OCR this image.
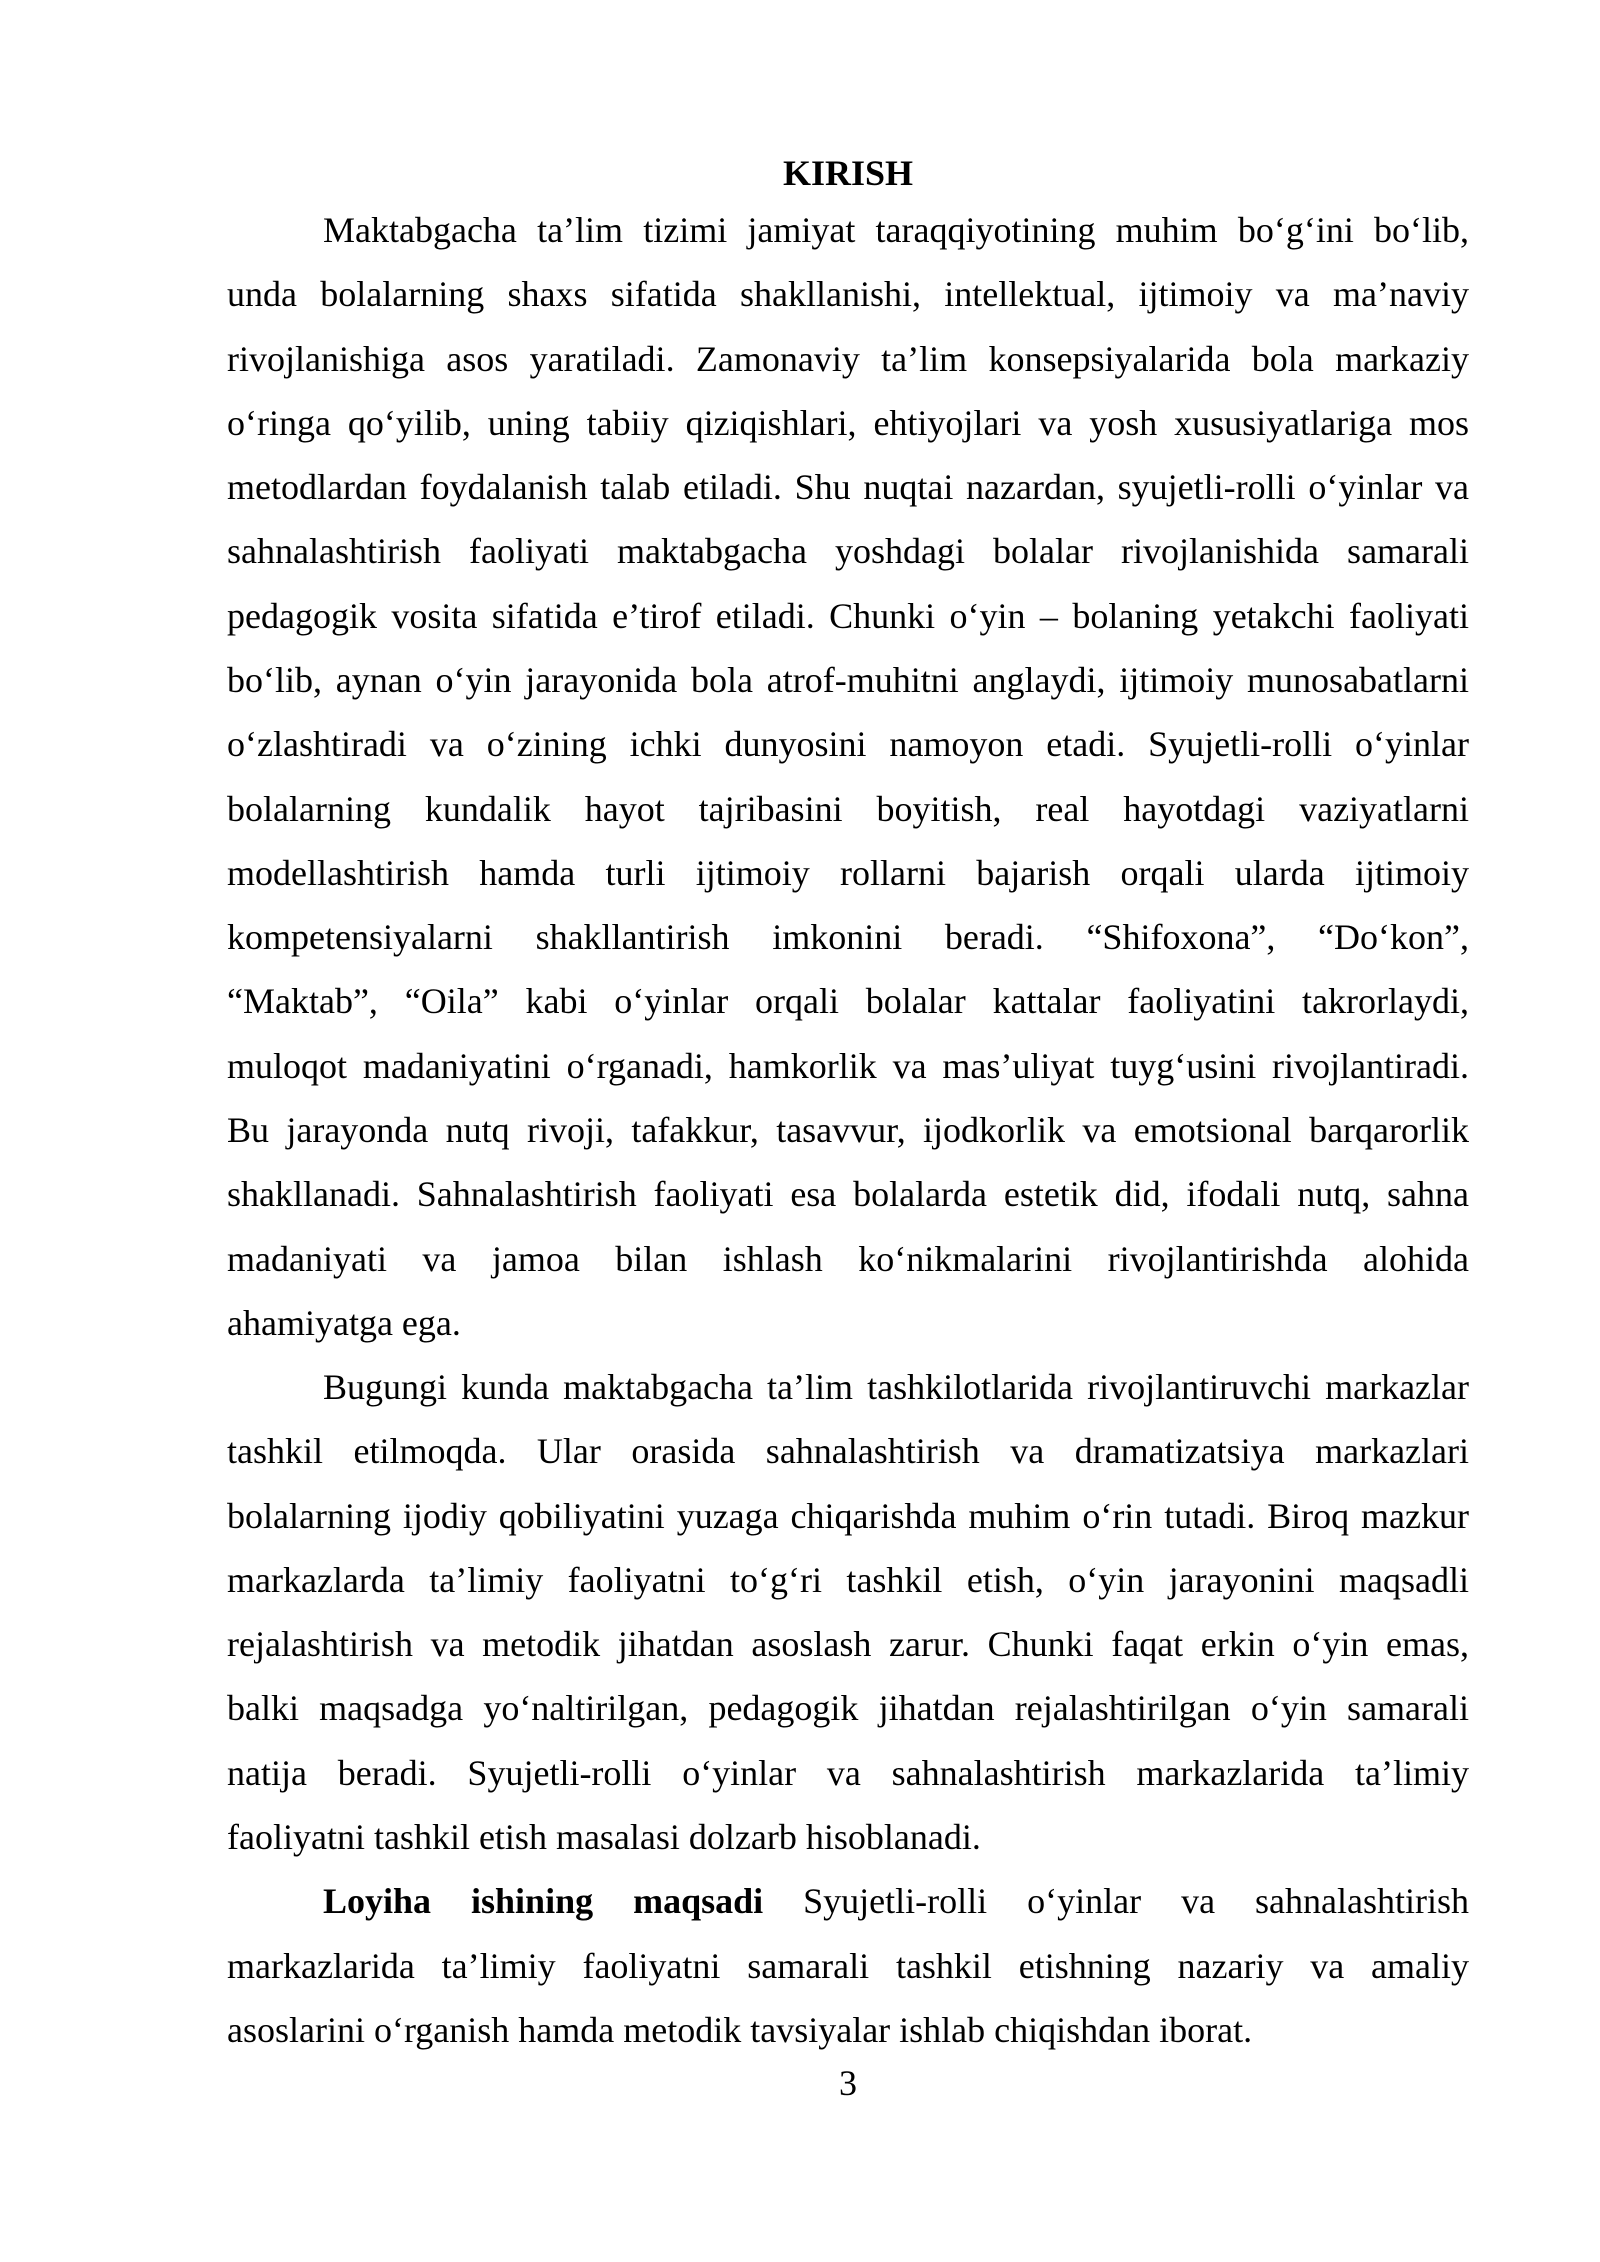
KIRISH
Maktabgacha ta’lim tizimi jamiyat taraqqiyotining muhim bo‘g‘ini bo‘lib,
unda bolalarning shaxs sifatida shakllanishi, intellektual, ijtimoiy va ma’naviy
rivojlanishiga asos yaratiladi. Zamonaviy ta’lim konsepsiyalarida bola markaziy
o‘ringa qo‘yilib, uning tabiiy qiziqishlari, ehtiyojlari va yosh xususiyatlariga mos
metodlardan foydalanish talab etiladi. Shu nuqtai nazardan, syujetli-rolli o‘yinlar va
sahnalashtirish faoliyati maktabgacha yoshdagi bolalar rivojlanishida samarali
pedagogik vosita sifatida e’tirof etiladi. Chunki o‘yin – bolaning yetakchi faoliyati
bo‘lib, aynan o‘yin jarayonida bola atrof-muhitni anglaydi, ijtimoiy munosabatlarni
o‘zlashtiradi va o‘zining ichki dunyosini namoyon etadi. Syujetli-rolli o‘yinlar
bolalarning kundalik hayot tajribasini boyitish, real hayotdagi vaziyatlarni
modellashtirish hamda turli ijtimoiy rollarni bajarish orqali ularda ijtimoiy
kompetensiyalarni shakllantirish imkonini beradi. “Shifoxona”, “Do‘kon”,
“Maktab”, “Oila” kabi o‘yinlar orqali bolalar kattalar faoliyatini takrorlaydi,
muloqot madaniyatini o‘rganadi, hamkorlik va mas’uliyat tuyg‘usini rivojlantiradi.
Bu jarayonda nutq rivoji, tafakkur, tasavvur, ijodkorlik va emotsional barqarorlik
shakllanadi. Sahnalashtirish faoliyati esa bolalarda estetik did, ifodali nutq, sahna
madaniyati va jamoa bilan ishlash ko‘nikmalarini rivojlantirishda alohida
ahamiyatga ega.
Bugungi kunda maktabgacha ta’lim tashkilotlarida rivojlantiruvchi markazlar
tashkil etilmoqda. Ular orasida sahnalashtirish va dramatizatsiya markazlari
bolalarning ijodiy qobiliyatini yuzaga chiqarishda muhim o‘rin tutadi. Biroq mazkur
markazlarda ta’limiy faoliyatni to‘g‘ri tashkil etish, o‘yin jarayonini maqsadli
rejalashtirish va metodik jihatdan asoslash zarur. Chunki faqat erkin o‘yin emas,
balki maqsadga yo‘naltirilgan, pedagogik jihatdan rejalashtirilgan o‘yin samarali
natija beradi. Syujetli-rolli o‘yinlar va sahnalashtirish markazlarida ta’limiy
faoliyatni tashkil etish masalasi dolzarb hisoblanadi.
Loyiha ishining maqsadi Syujetli-rolli o‘yinlar va sahnalashtirish
markazlarida ta’limiy faoliyatni samarali tashkil etishning nazariy va amaliy
asoslarini o‘rganish hamda metodik tavsiyalar ishlab chiqishdan iborat.
3
